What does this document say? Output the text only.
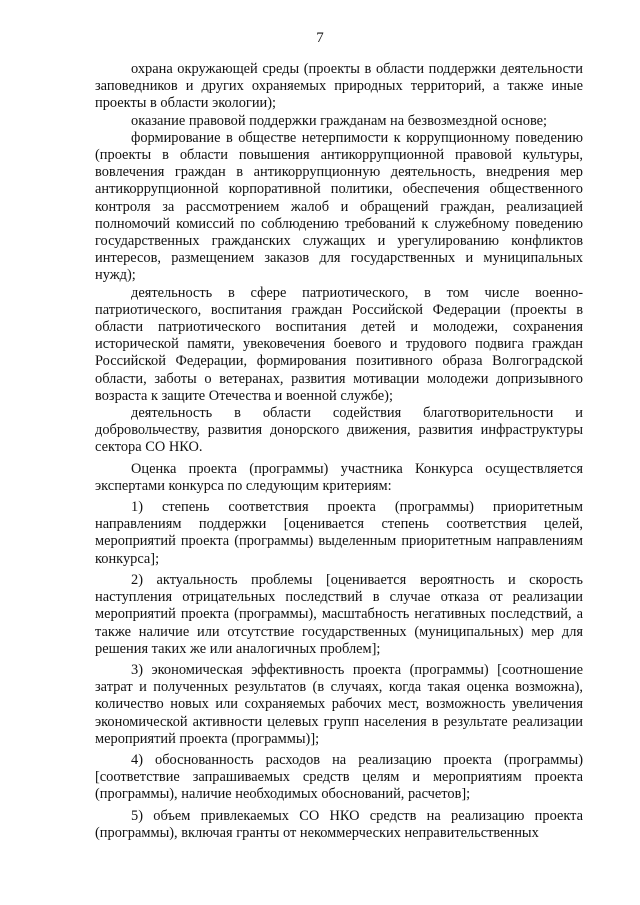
7

охрана окружающей среды (проекты в области поддержки деятельности заповедников и других охраняемых природных территорий, а также иные проекты в области экологии);

оказание правовой поддержки гражданам на безвозмездной основе;

формирование в обществе нетерпимости к коррупционному поведению (проекты в области повышения антикоррупционной правовой культуры, вовлечения граждан в антикоррупционную деятельность, внедрения мер антикоррупционной корпоративной политики, обеспечения общественного контроля за рассмотрением жалоб и обращений граждан, реализацией полномочий комиссий по соблюдению требований к служебному поведению государственных гражданских служащих и урегулированию конфликтов интересов, размещением заказов для государственных и муниципальных нужд);

деятельность в сфере патриотического, в том числе военно-патриотического, воспитания граждан Российской Федерации (проекты в области патриотического воспитания детей и молодежи, сохранения исторической памяти, увековечения боевого и трудового подвига граждан Российской Федерации, формирования позитивного образа Волгоградской области, заботы о ветеранах, развития мотивации молодежи допризывного возраста к защите Отечества и военной службе);

деятельность в области содействия благотворительности и добровольчеству, развития донорского движения, развития инфраструктуры сектора СО НКО.

Оценка проекта (программы) участника Конкурса осуществляется экспертами конкурса по следующим критериям:

1) степень соответствия проекта (программы) приоритетным направлениям поддержки [оценивается степень соответствия целей, мероприятий проекта (программы) выделенным приоритетным направлениям конкурса];

2) актуальность проблемы [оценивается вероятность и скорость наступления отрицательных последствий в случае отказа от реализации мероприятий проекта (программы), масштабность негативных последствий, а также наличие или отсутствие государственных (муниципальных) мер для решения таких же или аналогичных проблем];

3) экономическая эффективность проекта (программы) [соотношение затрат и полученных результатов (в случаях, когда такая оценка возможна), количество новых или сохраняемых рабочих мест, возможность увеличения экономической активности целевых групп населения в результате реализации мероприятий проекта (программы)];

4) обоснованность расходов на реализацию проекта (программы) [соответствие запрашиваемых средств целям и мероприятиям проекта (программы), наличие необходимых обоснований, расчетов];

5) объем привлекаемых СО НКО средств на реализацию проекта (программы), включая гранты от некоммерческих неправительственных
